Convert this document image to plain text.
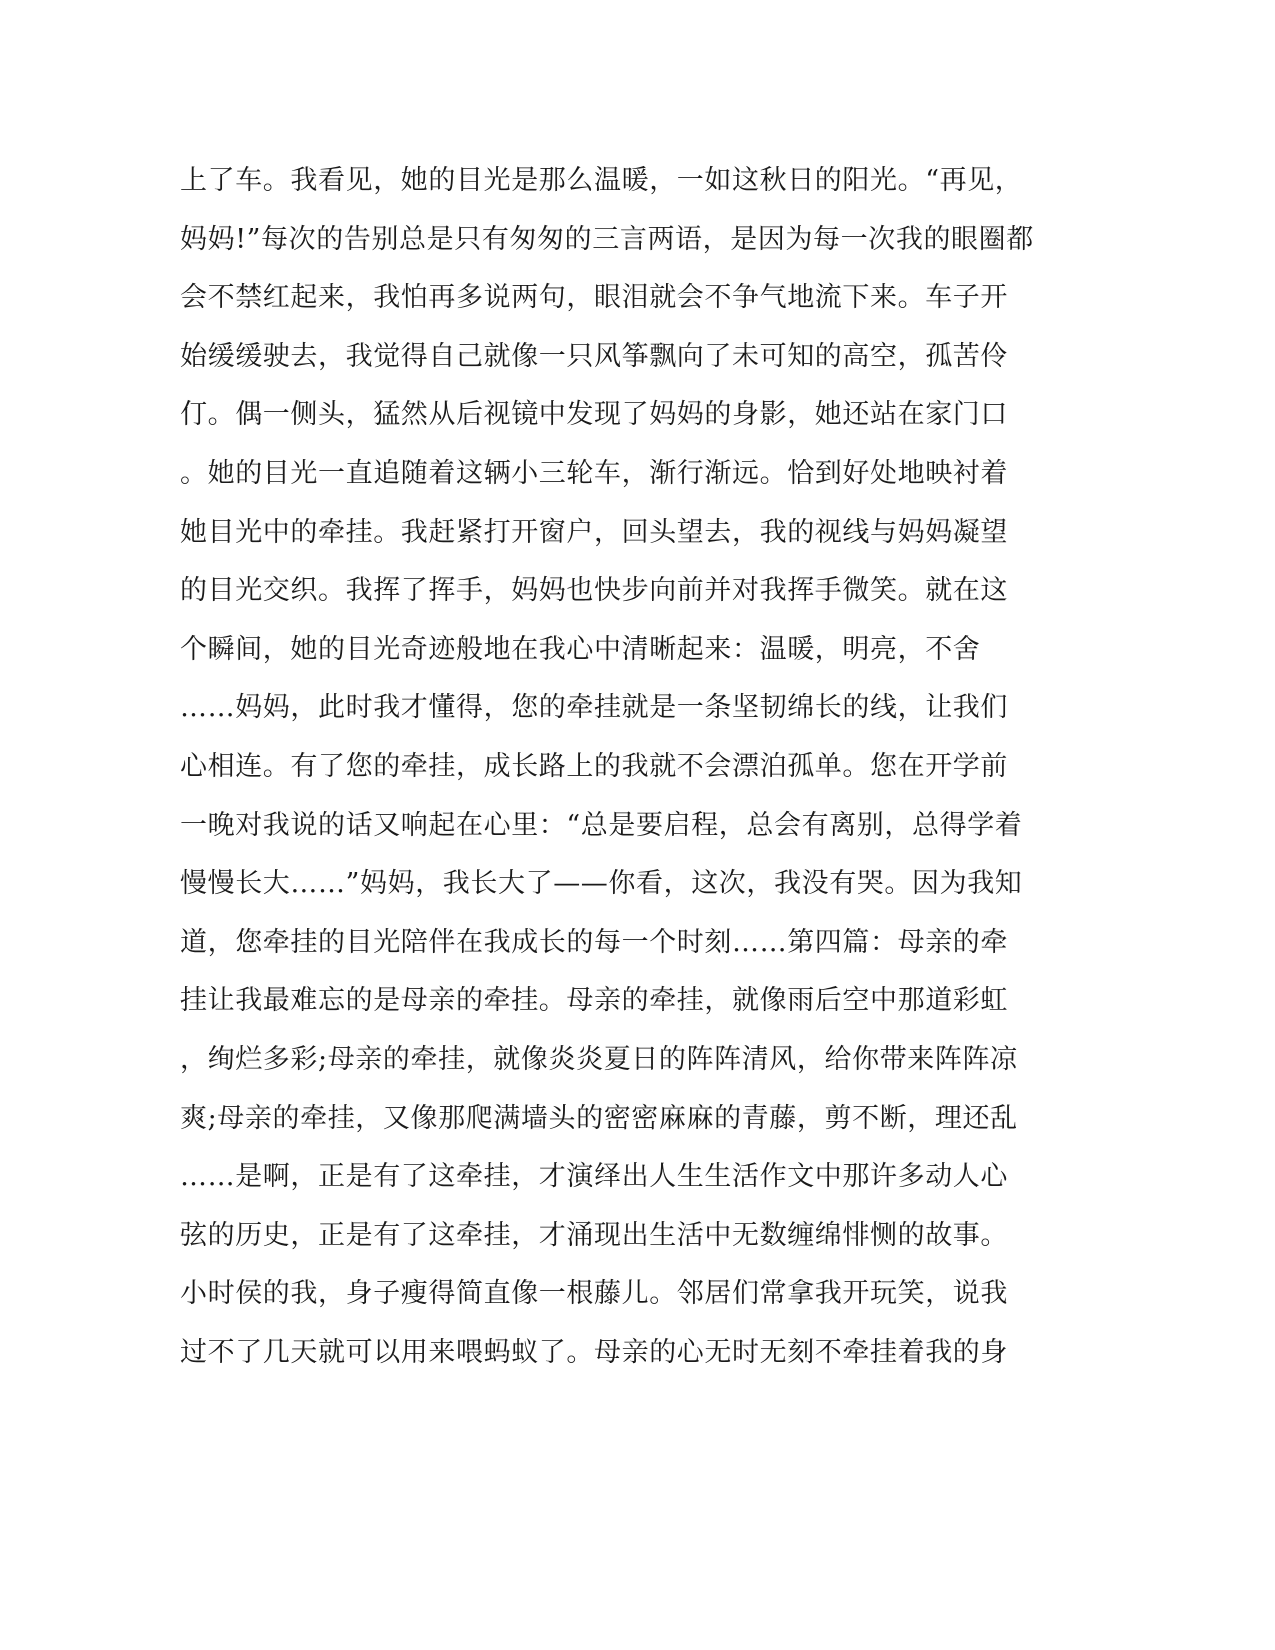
上了车。我看见，她的目光是那么温暖，一如这秋日的阳光。“再见，
妈妈!”每次的告别总是只有匆匆的三言两语，是因为每一次我的眼圈都
会不禁红起来，我怕再多说两句，眼泪就会不争气地流下来。车子开
始缓缓驶去，我觉得自己就像一只风筝飘向了未可知的高空，孤苦伶
仃。偶一侧头，猛然从后视镜中发现了妈妈的身影，她还站在家门口
。她的目光一直追随着这辆小三轮车，渐行渐远。恰到好处地映衬着
她目光中的牵挂。我赶紧打开窗户，回头望去，我的视线与妈妈凝望
的目光交织。我挥了挥手，妈妈也快步向前并对我挥手微笑。就在这
个瞬间，她的目光奇迹般地在我心中清晰起来：温暖，明亮，不舍
……妈妈，此时我才懂得，您的牵挂就是一条坚韧绵长的线，让我们
心相连。有了您的牵挂，成长路上的我就不会漂泊孤单。您在开学前
一晚对我说的话又响起在心里：“总是要启程，总会有离别，总得学着
慢慢长大……”妈妈，我长大了——你看，这次，我没有哭。因为我知
道，您牵挂的目光陪伴在我成长的每一个时刻……第四篇：母亲的牵
挂让我最难忘的是母亲的牵挂。母亲的牵挂，就像雨后空中那道彩虹
，绚烂多彩;母亲的牵挂，就像炎炎夏日的阵阵清风，给你带来阵阵凉
爽;母亲的牵挂，又像那爬满墙头的密密麻麻的青藤，剪不断，理还乱
……是啊，正是有了这牵挂，才演绎出人生生活作文中那许多动人心
弦的历史，正是有了这牵挂，才涌现出生活中无数缠绵悱恻的故事。
小时侯的我，身子瘦得简直像一根藤儿。邻居们常拿我开玩笑，说我
过不了几天就可以用来喂蚂蚁了。母亲的心无时无刻不牵挂着我的身
